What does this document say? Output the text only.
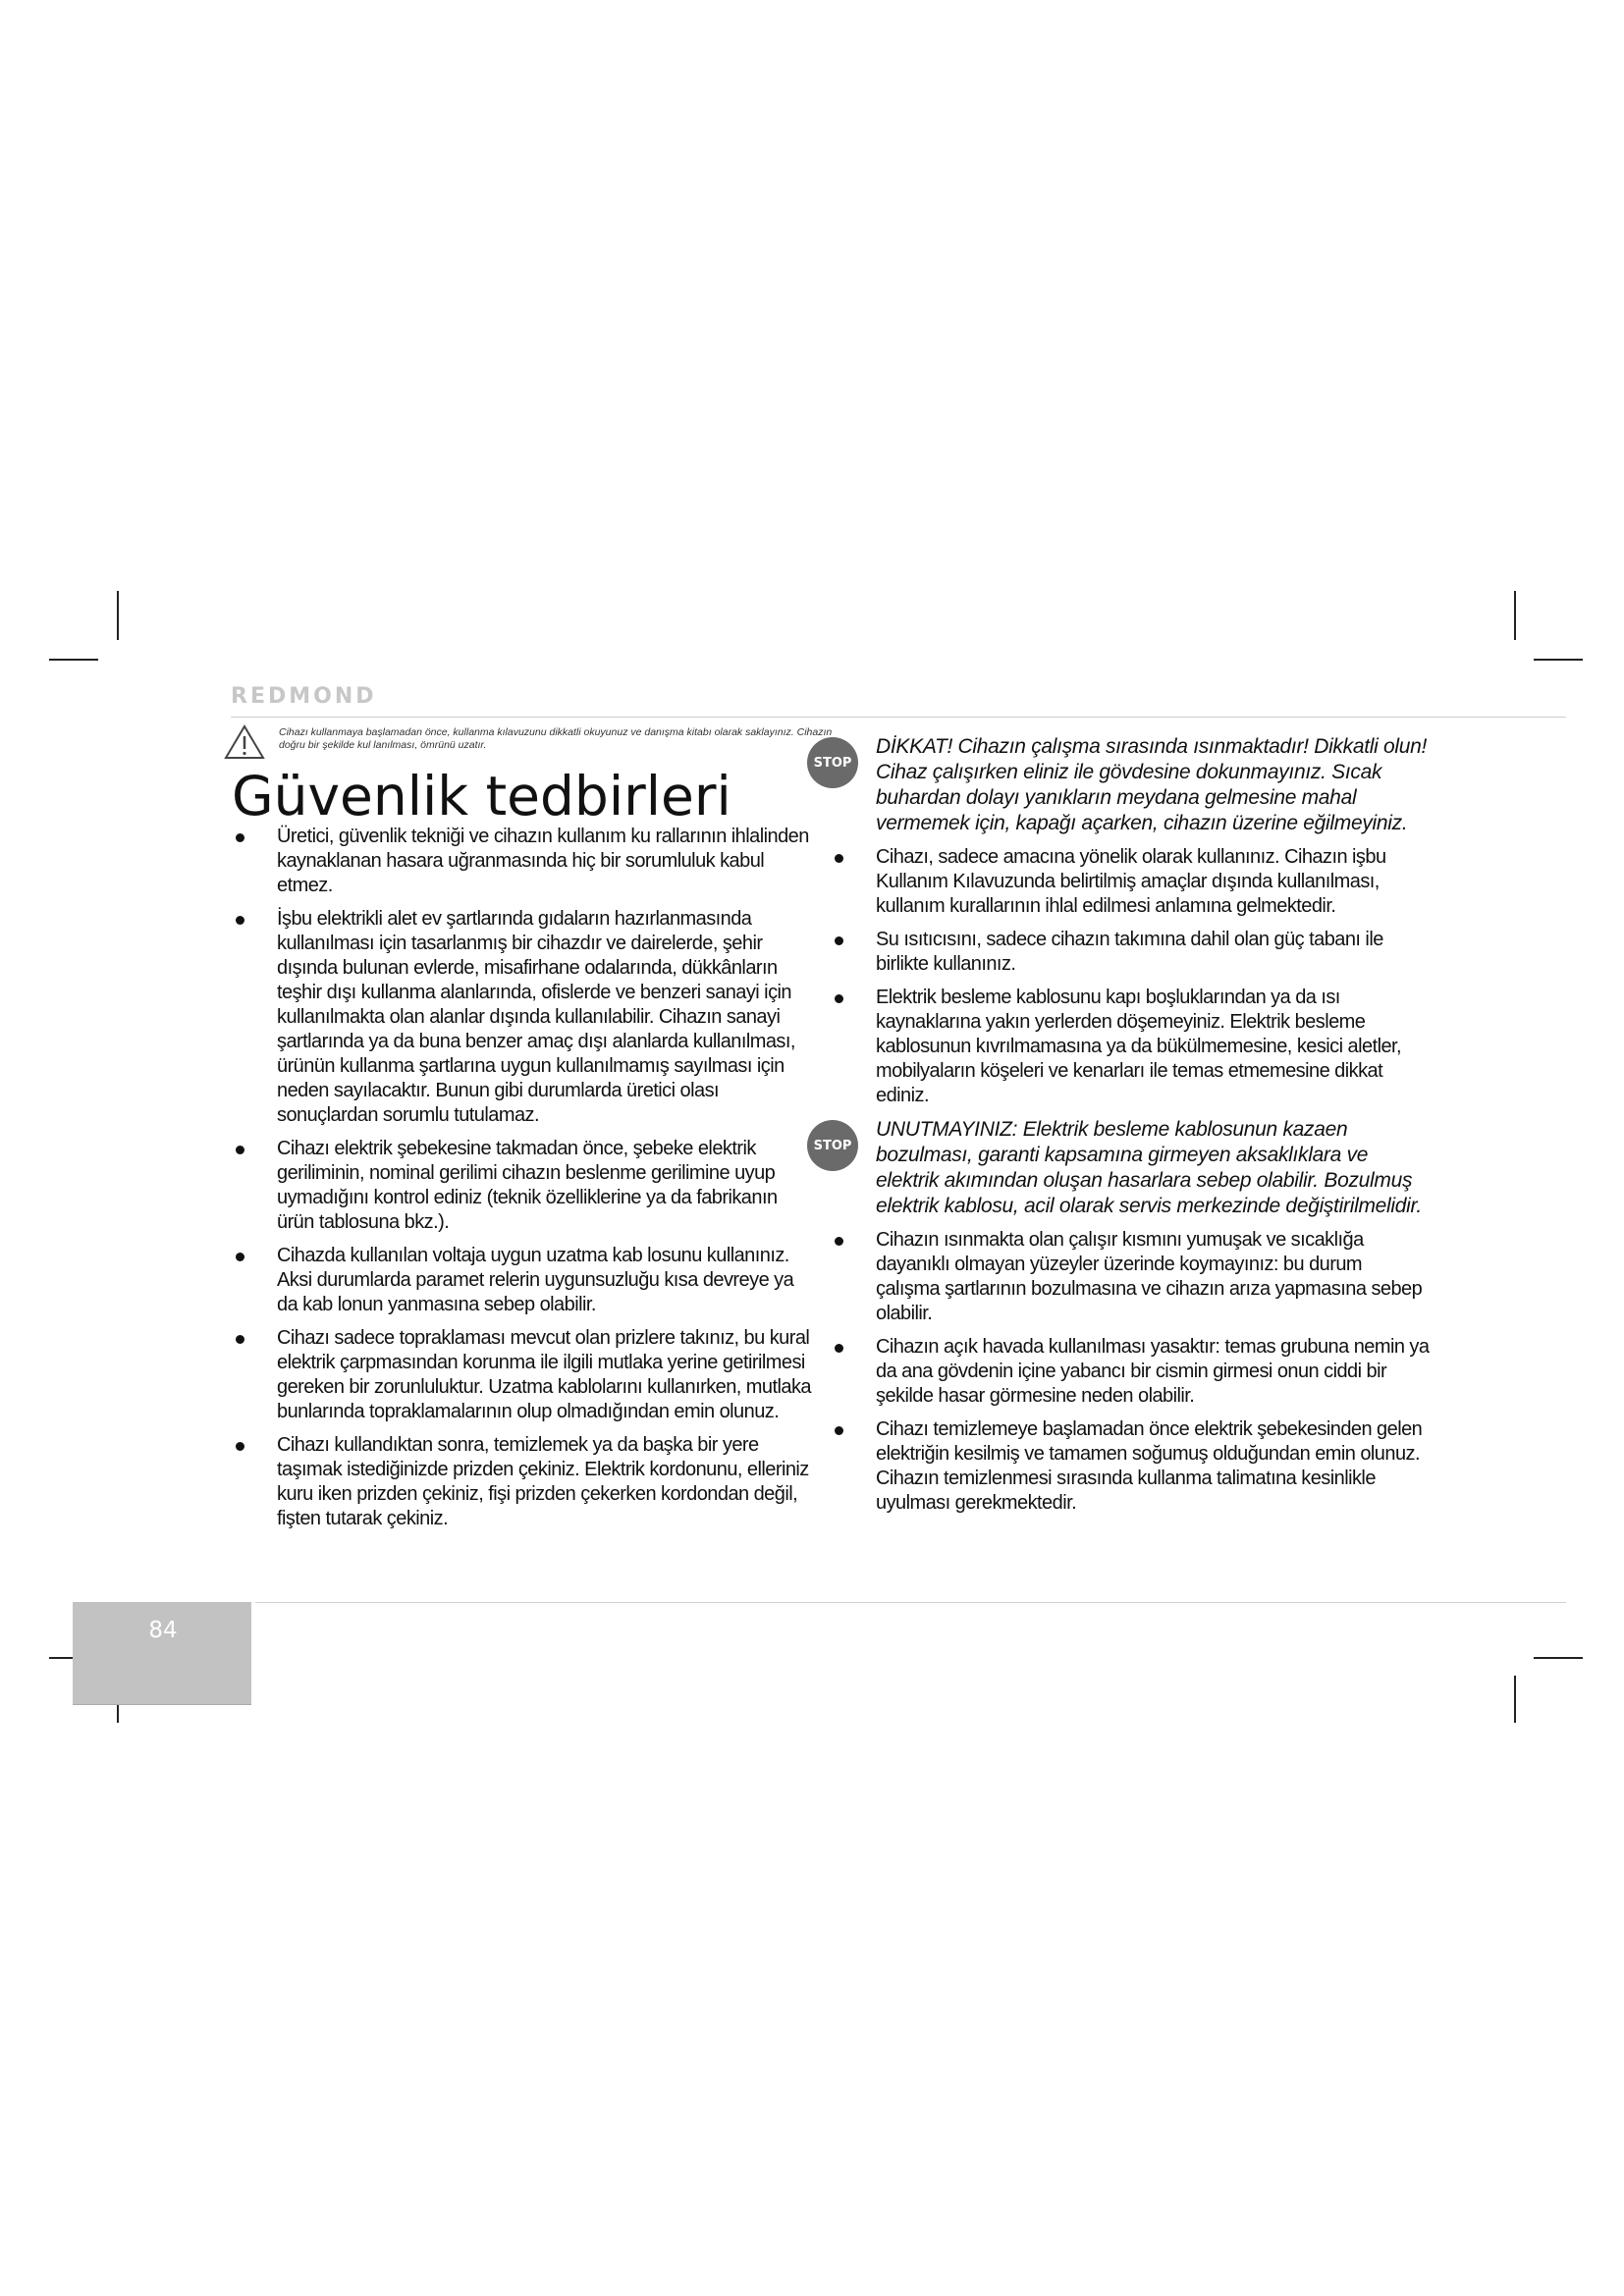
REDMOND
Cihazı kullanmaya başlamadan önce, kullanma kılavuzunu dikkatli okuyunuz ve danışma kitabı olarak saklayınız. Cihazın doğru bir şekilde kul lanılması, ömrünü uzatır.
Güvenlik tedbirleri
Üretici, güvenlik tekniği ve cihazın kullanım ku rallarının ihlalinden kaynaklanan hasara uğranmasında hiç bir sorumluluk kabul etmez.
İşbu elektrikli alet ev şartlarında gıdaların hazırlanmasında kullanılması için tasarlanmış bir cihazdır ve dairelerde, şehir dışında bulunan evlerde, misafirhane odalarında, dükkânların teşhir dışı kullanma alanlarında, ofislerde ve benzeri sanayi için kullanılmakta olan alanlar dışında kullanılabilir. Cihazın sanayi şartlarında ya da buna benzer amaç dışı alanlarda kullanılması, ürünün kullanma şartlarına uygun kullanılmamış sayılması için neden sayılacaktır. Bunun gibi durumlarda üretici olası sonuçlardan sorumlu tutulamaz.
Cihazı elektrik şebekesine takmadan önce, şebeke elektrik geriliminin, nominal gerilimi cihazın beslenme gerilimine uyup uymadığını kontrol ediniz (teknik özelliklerine ya da fabrikanın ürün tablosuna bkz.).
Cihazda kullanılan voltaja uygun uzatma kab losunu kullanınız. Aksi durumlarda paramet relerin uygunsuzluğu kısa devreye ya da kab lonun yanmasına sebep olabilir.
Cihazı sadece topraklaması mevcut olan prizlere takınız, bu kural elektrik çarpmasından korunma ile ilgili mutlaka yerine getirilmesi gereken bir zorunluluktur. Uzatma kablolarını kullanırken, mutlaka bunlarında topraklamalarının olup olmadığından emin olunuz.
Cihazı kullandıktan sonra, temizlemek ya da başka bir yere taşımak istediğinizde prizden çekiniz. Elektrik kordonunu, elleriniz kuru iken prizden çekiniz, fişi prizden çekerken kordondan değil, fişten tutarak çekiniz.
STOP
DİKKAT! Cihazın çalışma sırasında ısınmaktadır! Dikkatli olun! Cihaz çalışırken eliniz ile gövdesine dokunmayınız. Sıcak buhardan dolayı yanıkların meydana gelmesine mahal vermemek için, kapağı açarken, cihazın üzerine eğilmeyiniz.
Cihazı, sadece amacına yönelik olarak kullanınız. Cihazın işbu Kullanım Kılavuzunda belirtilmiş amaçlar dışında kullanılması, kullanım kurallarının ihlal edilmesi anlamına gelmektedir.
Su ısıtıcısını, sadece cihazın takımına dahil olan güç tabanı ile birlikte kullanınız.
Elektrik besleme kablosunu kapı boşluklarından ya da ısı kaynaklarına yakın yerlerden döşemeyiniz. Elektrik besleme kablosunun kıvrılmamasına ya da bükülmemesine, kesici aletler, mobilyaların köşeleri ve kenarları ile temas etmemesine dikkat ediniz.
STOP
UNUTMAYINIZ: Elektrik besleme kablosunun kazaen bozulması, garanti kapsamına girmeyen aksaklıklara ve elektrik akımından oluşan hasarlara sebep olabilir. Bozulmuş elektrik kablosu, acil olarak servis merkezinde değiştirilmelidir.
Cihazın ısınmakta olan çalışır kısmını yumuşak ve sıcaklığa dayanıklı olmayan yüzeyler üzerinde koymayınız: bu durum çalışma şartlarının bozulmasına ve cihazın arıza yapmasına sebep olabilir.
Cihazın açık havada kullanılması yasaktır: temas grubuna nemin ya da ana gövdenin içine yabancı bir cismin girmesi onun ciddi bir şekilde hasar görmesine neden olabilir.
Cihazı temizlemeye başlamadan önce elektrik şebekesinden gelen elektriğin kesilmiş ve tamamen soğumuş olduğundan emin olunuz. Cihazın temizlenmesi sırasında kullanma talimatına kesinlikle uyulması gerekmektedir.
84
